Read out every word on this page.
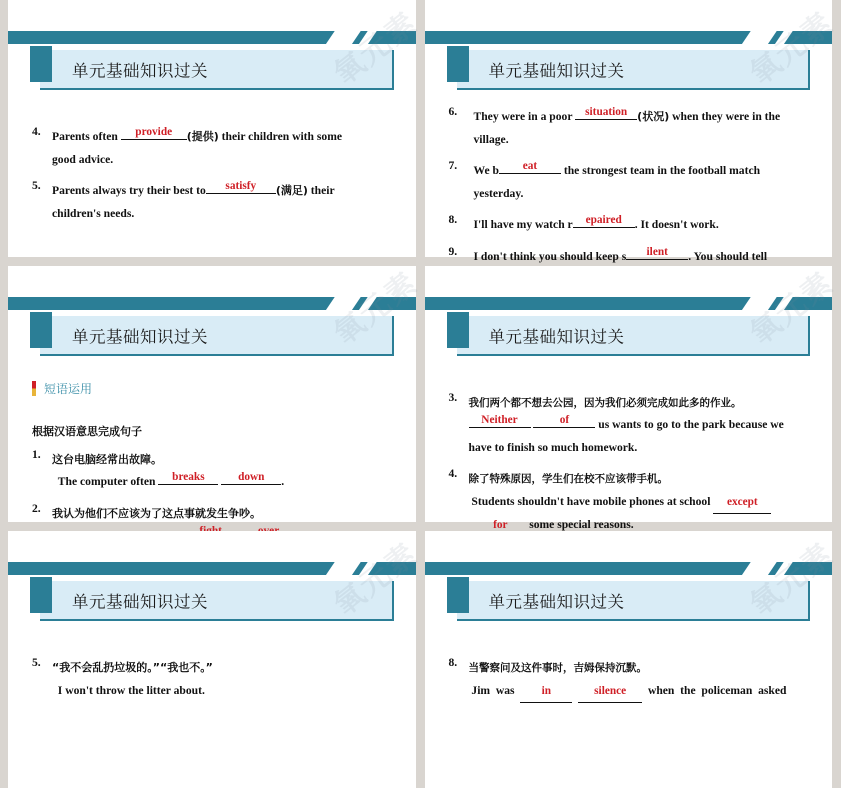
单元基础知识过关	氧元素
4. Parents often provide (提供) their children with some
good advice.
5. Parents always try their best to satisfy (满足) their
children's needs.
单元基础知识过关	氧元素
6.	They were in a poor situation (状况) when they were in the
village.
7.	We b eat the strongest team in the football match
yesterday.
8.	I'll have my watch r epaired . It doesn't work.
9.	I don't think you should keep s ilent . You should tell

单元基础知识过关
短语运用
根据汉语意思完成句子
1.	这台电脑经常出故障。
The computer often breaks
	down .
2.	我认为他们不应该为了这点事就发生争吵。

单元基础知识过关
3.	我们两个都不想去公园，因为我们必须完成如此多的作业。

Neither
	of us wants to go to the park because we
have to finish so much homework.
4.	除了特殊原因，学生们在校不应该带手机。
Students shouldn't have mobile phones at school except
for some special reasons.
单元基础知识过关	氧元素
5.	“我不会乱扔垃圾的。”“我也不。”
I won't throw the litter about.
单元基础知识过关	氧元素
8.	当警察问及这件事时，吉姆保持沉默。
Jim  was  in	silence  when  the  policeman  asked
